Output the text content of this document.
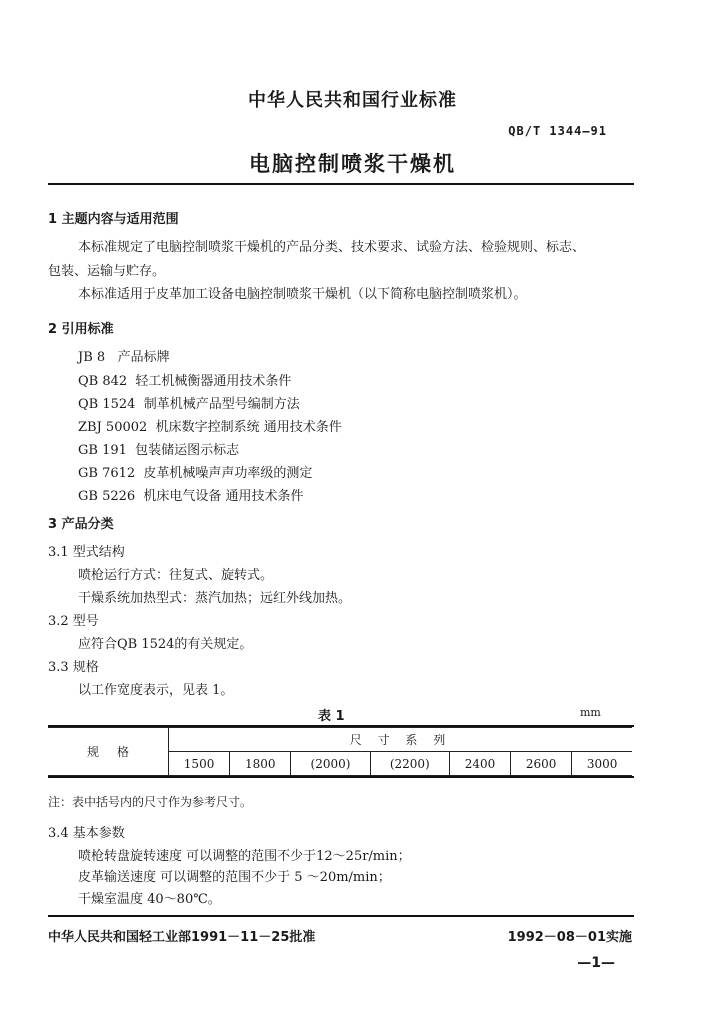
中华人民共和国行业标准
QB/T 1344—91
电脑控制喷浆干燥机
1 主题内容与适用范围
本标准规定了电脑控制喷浆干燥机的产品分类、技术要求、试验方法、检验规则、标志、
包装、运输与贮存。
本标准适用于皮革加工设备电脑控制喷浆干燥机（以下简称电脑控制喷浆机）。
2 引用标准
JB 8 产品标牌
QB 842 轻工机械衡器通用技术条件
QB 1524 制革机械产品型号编制方法
ZBJ 50002 机床数字控制系统 通用技术条件
GB 191 包装储运图示标志
GB 7612 皮革机械噪声声功率级的测定
GB 5226 机床电气设备 通用技术条件
3 产品分类
3.1 型式结构
喷枪运行方式：往复式、旋转式。
干燥系统加热型式：蒸汽加热；远红外线加热。
3.2 型号
应符合QB 1524的有关规定。
3.3 规格
以工作宽度表示，见表 1。
表 1	mm
规格	尺 寸 系 列						
	1500	1800	(2000)	(2200)	2400	2600	3000
注：表中括号内的尺寸作为参考尺寸。
3.4 基本参数
喷枪转盘旋转速度 可以调整的范围不少于12～25r/min；
皮革输送速度 可以调整的范围不少于 5 ～20m/min；
干燥室温度 40～80℃。
中华人民共和国轻工业部1991－11－25批准	1992－08－01实施
—1—
